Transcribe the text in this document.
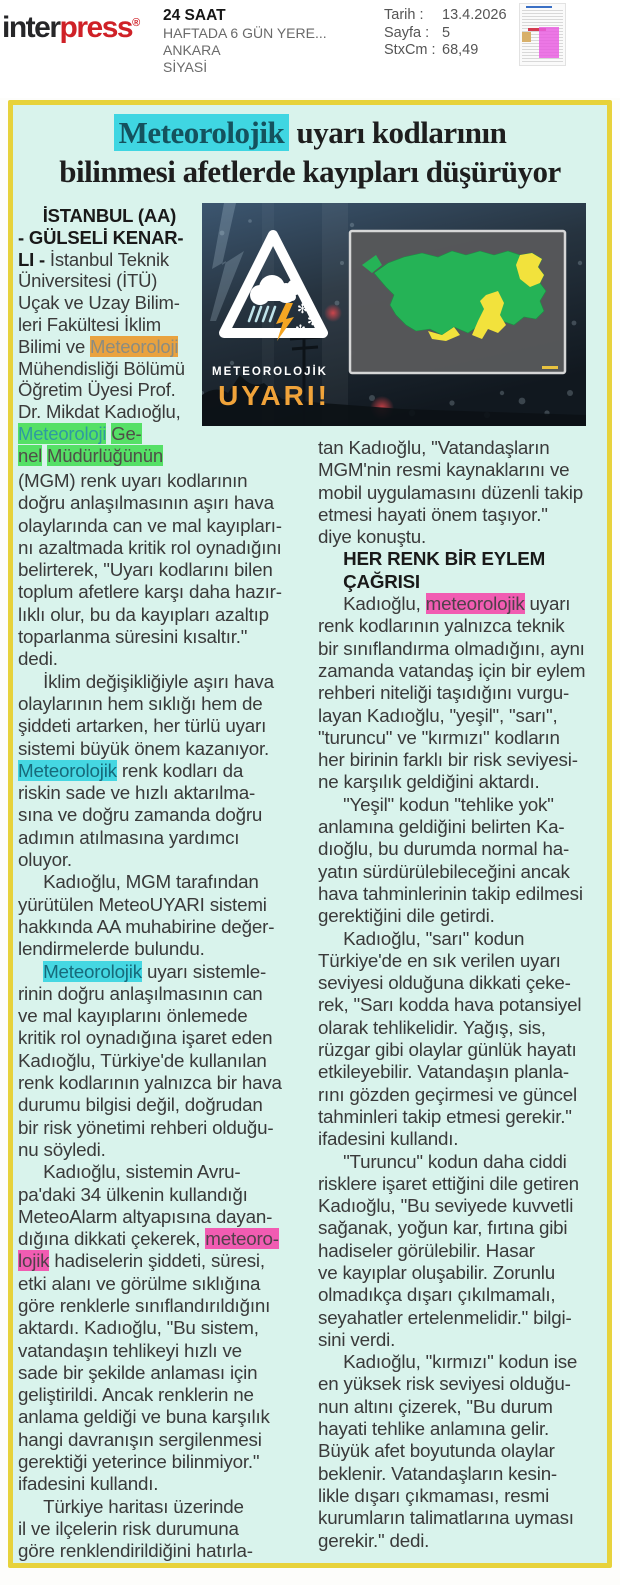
interpress® 24 SAAT
HAFTADA 6 GÜN YERE...
ANKARA
SİYASİ
Tarih : 13.4.2026
Sayfa : 5
StxCm : 68,49
Meteorolojik uyarı kodlarının
bilinmesi afetlerde kayıpları düşürüyor
✻
✻
✻
METEOROLOJİK
UYARI!
İSTANBUL (AA)
- GÜLSELİ KENAR-
LI - İstanbul Teknik
Üniversitesi (İTÜ)
Uçak ve Uzay Bilim-
leri Fakültesi İklim
Bilimi ve Meteoroloji
Mühendisliği Bölümü
Öğretim Üyesi Prof.
Dr. Mikdat Kadıoğlu,
Meteoroloji Ge-
nel Müdürlüğünün
(MGM) renk uyarı kodlarının
doğru anlaşılmasının aşırı hava
olaylarında can ve mal kayıpları-
nı azaltmada kritik rol oynadığını
belirterek, "Uyarı kodlarını bilen
toplum afetlere karşı daha hazır-
lıklı olur, bu da kayıpları azaltıp
toparlanma süresini kısaltır."
dedi.
İklim değişikliğiyle aşırı hava
olaylarının hem sıklığı hem de
şiddeti artarken, her türlü uyarı
sistemi büyük önem kazanıyor.
Meteorolojik renk kodları da
riskin sade ve hızlı aktarılma-
sına ve doğru zamanda doğru
adımın atılmasına yardımcı
oluyor.
Kadıoğlu, MGM tarafından
yürütülen MeteoUYARI sistemi
hakkında AA muhabirine değer-
lendirmelerde bulundu.
Meteorolojik uyarı sistemle-
rinin doğru anlaşılmasının can
ve mal kayıplarını önlemede
kritik rol oynadığına işaret eden
Kadıoğlu, Türkiye'de kullanılan
renk kodlarının yalnızca bir hava
durumu bilgisi değil, doğrudan
bir risk yönetimi rehberi olduğu-
nu söyledi.
Kadıoğlu, sistemin Avru-
pa'daki 34 ülkenin kullandığı
MeteoAlarm altyapısına dayan-
dığına dikkati çekerek, meteoro-
lojik hadiselerin şiddeti, süresi,
etki alanı ve görülme sıklığına
göre renklerle sınıflandırıldığını
aktardı. Kadıoğlu, "Bu sistem,
vatandaşın tehlikeyi hızlı ve
sade bir şekilde anlaması için
geliştirildi. Ancak renklerin ne
anlama geldiği ve buna karşılık
hangi davranışın sergilenmesi
gerektiği yeterince bilinmiyor."
ifadesini kullandı.
Türkiye haritası üzerinde
il ve ilçelerin risk durumuna
göre renklendirildiğini hatırla-
tan Kadıoğlu, "Vatandaşların
MGM'nin resmi kaynaklarını ve
mobil uygulamasını düzenli takip
etmesi hayati önem taşıyor."
diye konuştu.
HER RENK BİR EYLEM
ÇAĞRISI
Kadıoğlu, meteorolojik uyarı
renk kodlarının yalnızca teknik
bir sınıflandırma olmadığını, aynı
zamanda vatandaş için bir eylem
rehberi niteliği taşıdığını vurgu-
layan Kadıoğlu, "yeşil", "sarı",
"turuncu" ve "kırmızı" kodların
her birinin farklı bir risk seviyesi-
ne karşılık geldiğini aktardı.
"Yeşil" kodun "tehlike yok"
anlamına geldiğini belirten Ka-
dıoğlu, bu durumda normal ha-
yatın sürdürülebileceğini ancak
hava tahminlerinin takip edilmesi
gerektiğini dile getirdi.
Kadıoğlu, "sarı" kodun
Türkiye'de en sık verilen uyarı
seviyesi olduğuna dikkati çeke-
rek, "Sarı kodda hava potansiyel
olarak tehlikelidir. Yağış, sis,
rüzgar gibi olaylar günlük hayatı
etkileyebilir. Vatandaşın planla-
rını gözden geçirmesi ve güncel
tahminleri takip etmesi gerekir."
ifadesini kullandı.
"Turuncu" kodun daha ciddi
risklere işaret ettiğini dile getiren
Kadıoğlu, "Bu seviyede kuvvetli
sağanak, yoğun kar, fırtına gibi
hadiseler görülebilir. Hasar
ve kayıplar oluşabilir. Zorunlu
olmadıkça dışarı çıkılmamalı,
seyahatler ertelenmelidir." bilgi-
sini verdi.
Kadıoğlu, "kırmızı" kodun ise
en yüksek risk seviyesi olduğu-
nun altını çizerek, "Bu durum
hayati tehlike anlamına gelir.
Büyük afet boyutunda olaylar
beklenir. Vatandaşların kesin-
likle dışarı çıkmaması, resmi
kurumların talimatlarına uyması
gerekir." dedi.
